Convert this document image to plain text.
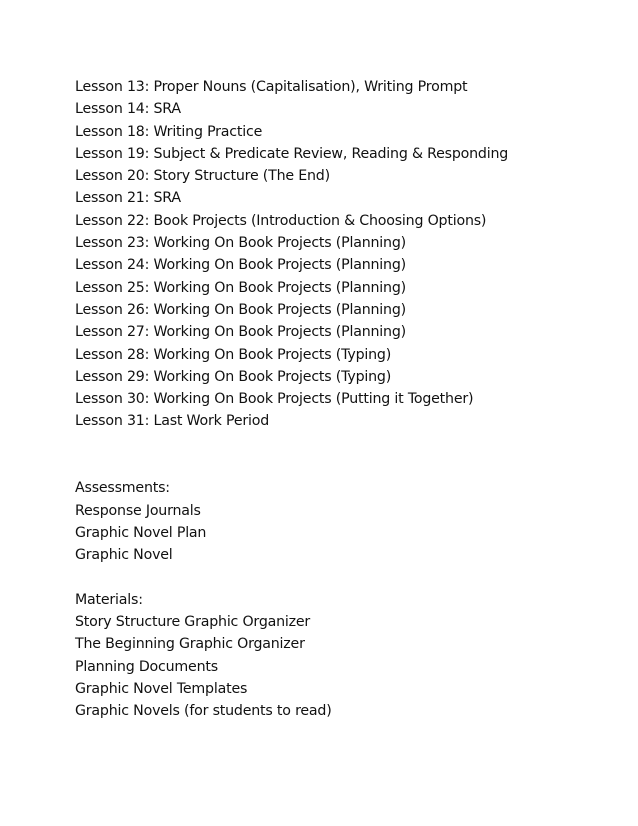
Lesson 13: Proper Nouns (Capitalisation), Writing Prompt
Lesson 14: SRA
Lesson 18: Writing Practice
Lesson 19: Subject & Predicate Review, Reading & Responding
Lesson 20: Story Structure (The End)
Lesson 21: SRA
Lesson 22: Book Projects (Introduction & Choosing Options)
Lesson 23: Working On Book Projects (Planning)
Lesson 24: Working On Book Projects (Planning)
Lesson 25: Working On Book Projects (Planning)
Lesson 26: Working On Book Projects (Planning)
Lesson 27: Working On Book Projects (Planning)
Lesson 28: Working On Book Projects (Typing)
Lesson 29: Working On Book Projects (Typing)
Lesson 30: Working On Book Projects (Putting it Together)
Lesson 31: Last Work Period
Assessments:
Response Journals
Graphic Novel Plan
Graphic Novel
Materials:
Story Structure Graphic Organizer
The Beginning Graphic Organizer
Planning Documents
Graphic Novel Templates
Graphic Novels (for students to read)
